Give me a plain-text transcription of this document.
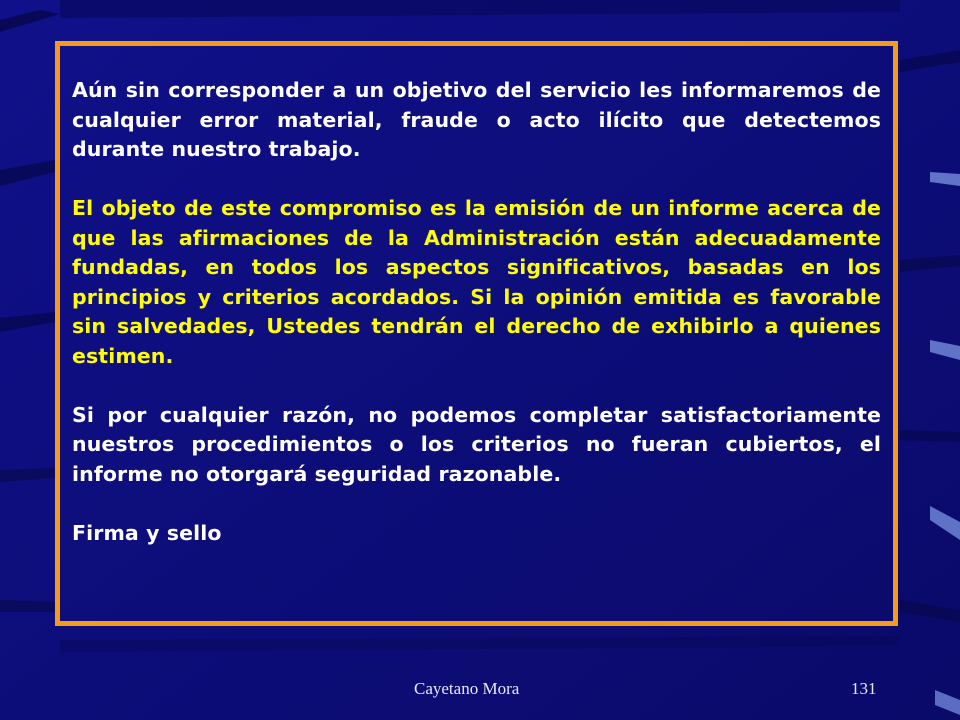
Aún sin corresponder a un objetivo del servicio les informaremos de cualquier error material, fraude o acto ilícito que detectemos durante nuestro trabajo.

El objeto de este compromiso es la emisión de un informe acerca de que las afirmaciones de la Administración están adecuadamente fundadas, en todos los aspectos significativos, basadas en los principios y criterios acordados. Si la opinión emitida es favorable sin salvedades, Ustedes tendrán el derecho de exhibirlo a quienes estimen.

Si por cualquier razón, no podemos completar satisfactoriamente nuestros procedimientos o los criterios no fueran cubiertos, el informe no otorgará seguridad razonable.

Firma y sello

Cayetano Mora	131
